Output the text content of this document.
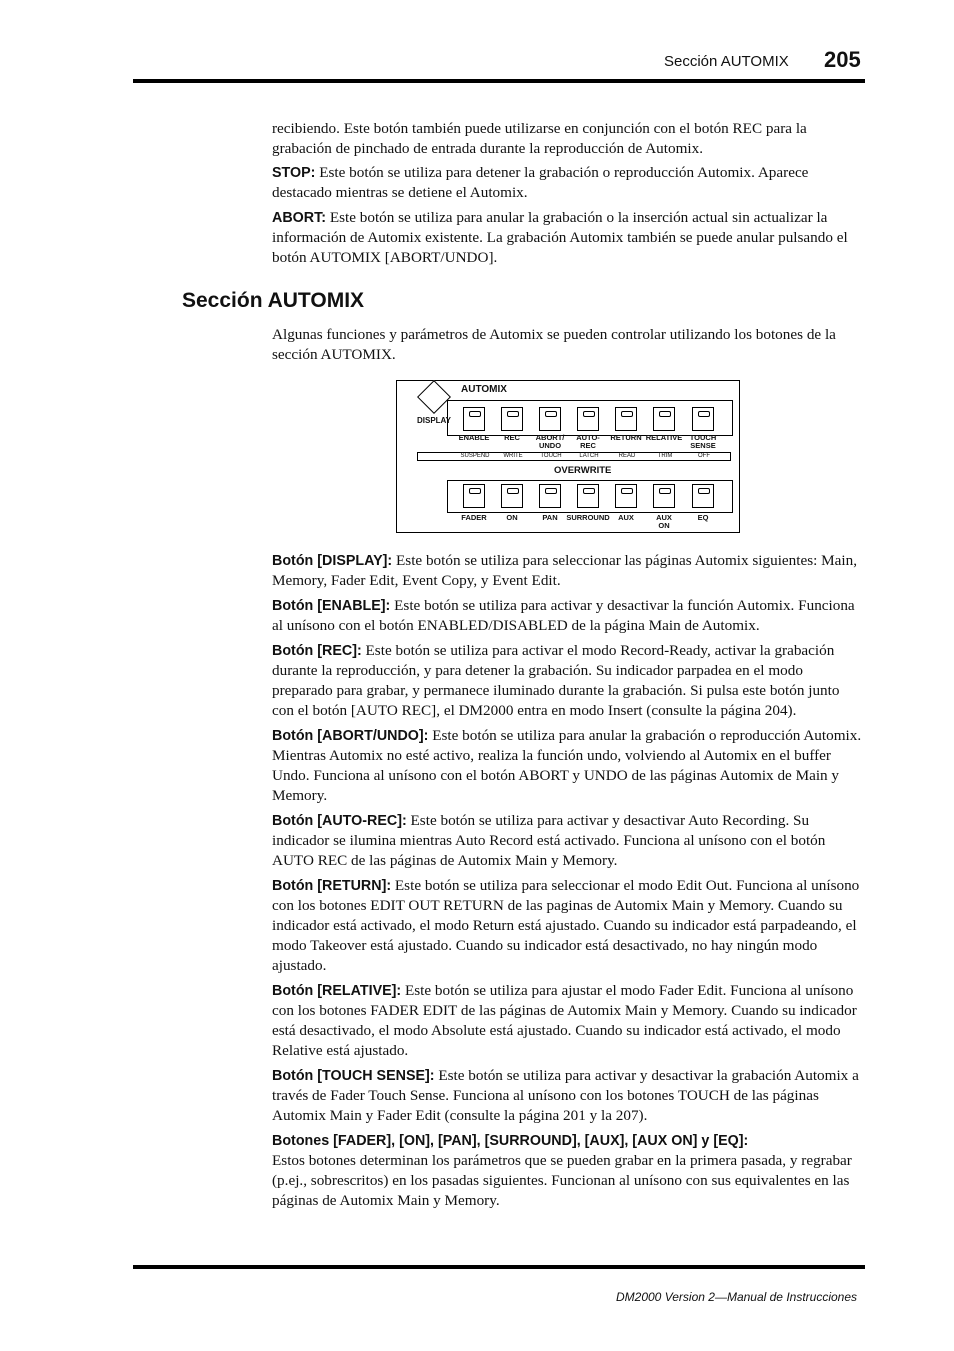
Sección AUTOMIX 205

recibiendo. Este botón también puede utilizarse en conjunción con el botón REC para la grabación de pinchado de entrada durante la reproducción de Automix.

STOP: Este botón se utiliza para detener la grabación o reproducción Automix. Aparece destacado mientras se detiene el Automix.

ABORT: Este botón se utiliza para anular la grabación o la inserción actual sin actualizar la información de Automix existente. La grabación Automix también se puede anular pulsando el botón AUTOMIX [ABORT/UNDO].

Sección AUTOMIX

Algunas funciones y parámetros de Automix se pueden controlar utilizando los botones de la sección AUTOMIX.

AUTOMIX
DISPLAY
SUSPEND	WRITE	TOUCH	LATCH	READ	TRIM	OFF
OVERWRITE
ENABLE	REC	ABORT/
UNDO
AUTO-
REC
RETURN RELATIVE TOUCH
SENSE
FADER	ON	PAN	SURROUND	AUX	AUX
ON
EQ

Botón [DISPLAY]: Este botón se utiliza para seleccionar las páginas Automix siguientes: Main, Memory, Fader Edit, Event Copy, y Event Edit.

Botón [ENABLE]: Este botón se utiliza para activar y desactivar la función Automix. Funciona al unísono con el botón ENABLED/DISABLED de la página Main de Automix.

Botón [REC]: Este botón se utiliza para activar el modo Record-Ready, activar la grabación durante la reproducción, y para detener la grabación. Su indicador parpadea en el modo preparado para grabar, y permanece iluminado durante la grabación. Si pulsa este botón junto con el botón [AUTO REC], el DM2000 entra en modo Insert (consulte la página 204).

Botón [ABORT/UNDO]: Este botón se utiliza para anular la grabación o reproducción Automix. Mientras Automix no esté activo, realiza la función undo, volviendo al Automix en el buffer Undo. Funciona al unísono con el botón ABORT y UNDO de las páginas Automix de Main y Memory.

Botón [AUTO-REC]: Este botón se utiliza para activar y desactivar Auto Recording. Su indicador se ilumina mientras Auto Record está activado. Funciona al unísono con el botón AUTO REC de las páginas de Automix Main y Memory.

Botón [RETURN]: Este botón se utiliza para seleccionar el modo Edit Out. Funciona al unísono con los botones EDIT OUT RETURN de las paginas de Automix Main y Memory. Cuando su indicador está activado, el modo Return está ajustado. Cuando su indicador está parpadeando, el modo Takeover está ajustado. Cuando su indicador está desactivado, no hay ningún modo ajustado.

Botón [RELATIVE]: Este botón se utiliza para ajustar el modo Fader Edit. Funciona al unísono con los botones FADER EDIT de las páginas de Automix Main y Memory. Cuando su indicador está desactivado, el modo Absolute está ajustado. Cuando su indicador está activado, el modo Relative está ajustado.

Botón [TOUCH SENSE]: Este botón se utiliza para activar y desactivar la grabación Automix a través de Fader Touch Sense. Funciona al unísono con los botones TOUCH de las páginas Automix Main y Fader Edit (consulte la página 201 y la 207).

Botones [FADER], [ON], [PAN], [SURROUND], [AUX], [AUX ON] y [EQ]:
Estos botones determinan los parámetros que se pueden grabar en la primera pasada, y regrabar (p.ej., sobrescritos) en los pasadas siguientes. Funcionan al unísono con sus equivalentes en las páginas de Automix Main y Memory.

DM2000 Version 2—Manual de Instrucciones
